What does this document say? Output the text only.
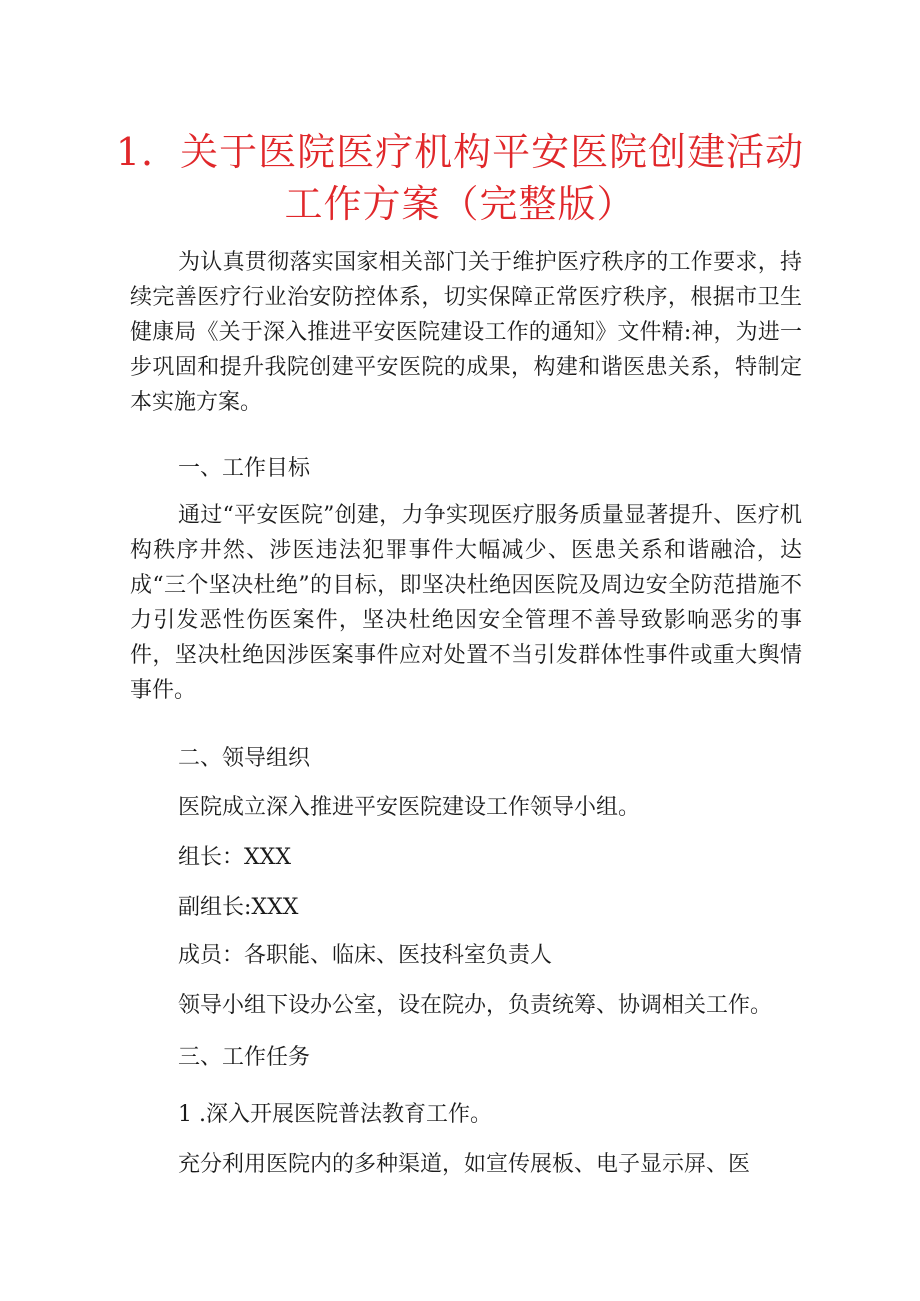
1．关于医院医疗机构平安医院创建活动
工作方案（完整版）
为认真贯彻落实国家相关部门关于维护医疗秩序的工作要求，持续完善医疗行业治安防控体系，切实保障正常医疗秩序，根据市卫生健康局《关于深入推进平安医院建设工作的通知》文件精:神，为进一步巩固和提升我院创建平安医院的成果，构建和谐医患关系，特制定本实施方案。
一、工作目标
通过“平安医院”创建，力争实现医疗服务质量显著提升、医疗机构秩序井然、涉医违法犯罪事件大幅减少、医患关系和谐融洽，达成“三个坚决杜绝”的目标，即坚决杜绝因医院及周边安全防范措施不力引发恶性伤医案件，坚决杜绝因安全管理不善导致影响恶劣的事件，坚决杜绝因涉医案事件应对处置不当引发群体性事件或重大舆情事件。
二、领导组织
医院成立深入推进平安医院建设工作领导小组。
组长：XXX
副组长:XXX
成员：各职能、临床、医技科室负责人
领导小组下设办公室，设在院办，负责统筹、协调相关工作。
三、工作任务
1 .深入开展医院普法教育工作。
充分利用医院内的多种渠道，如宣传展板、电子显示屏、医
